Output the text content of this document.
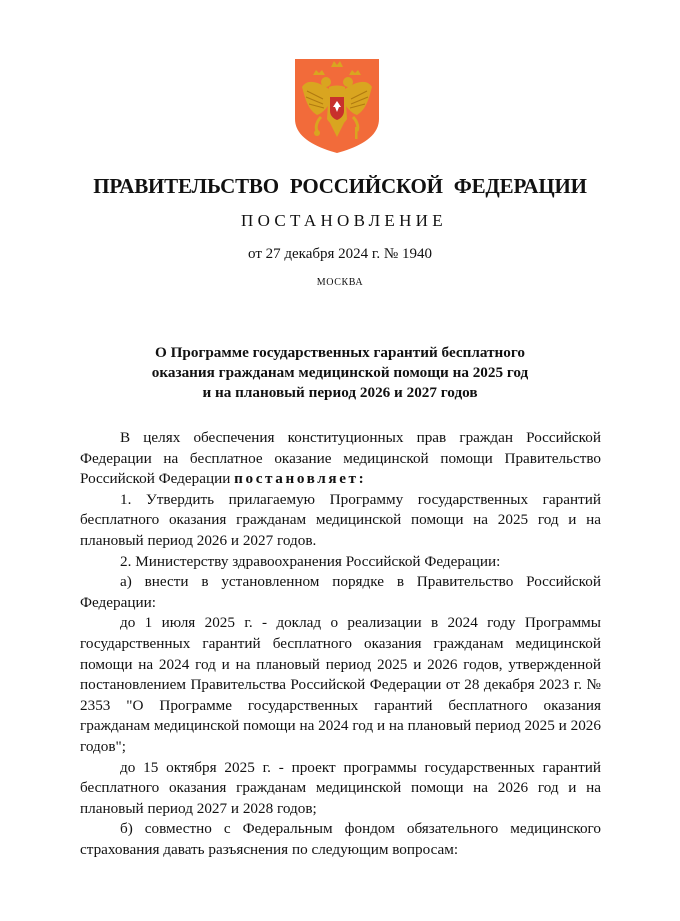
ПРАВИТЕЛЬСТВО РОССИЙСКОЙ ФЕДЕРАЦИИ
ПОСТАНОВЛЕНИЕ
от 27 декабря 2024 г. № 1940
МОСКВА
О Программе государственных гарантий бесплатного
оказания гражданам медицинской помощи на 2025 год
и на плановый период 2026 и 2027 годов

В целях обеспечения конституционных прав граждан Российской Федерации на бесплатное оказание медицинской помощи Правительство Российской Федерации постановляет:

1. Утвердить прилагаемую Программу государственных гарантий бесплатного оказания гражданам медицинской помощи на 2025 год и на плановый период 2026 и 2027 годов.

2. Министерству здравоохранения Российской Федерации:

а) внести в установленном порядке в Правительство Российской Федерации:

до 1 июля 2025 г. - доклад о реализации в 2024 году Программы государственных гарантий бесплатного оказания гражданам медицинской помощи на 2024 год и на плановый период 2025 и 2026 годов, утвержденной постановлением Правительства Российской Федерации от 28 декабря 2023 г. № 2353 "О Программе государственных гарантий бесплатного оказания гражданам медицинской помощи на 2024 год и на плановый период 2025 и 2026 годов";

до 15 октября 2025 г. - проект программы государственных гарантий бесплатного оказания гражданам медицинской помощи на 2026 год и на плановый период 2027 и 2028 годов;

б) совместно с Федеральным фондом обязательного медицинского страхования давать разъяснения по следующим вопросам:
